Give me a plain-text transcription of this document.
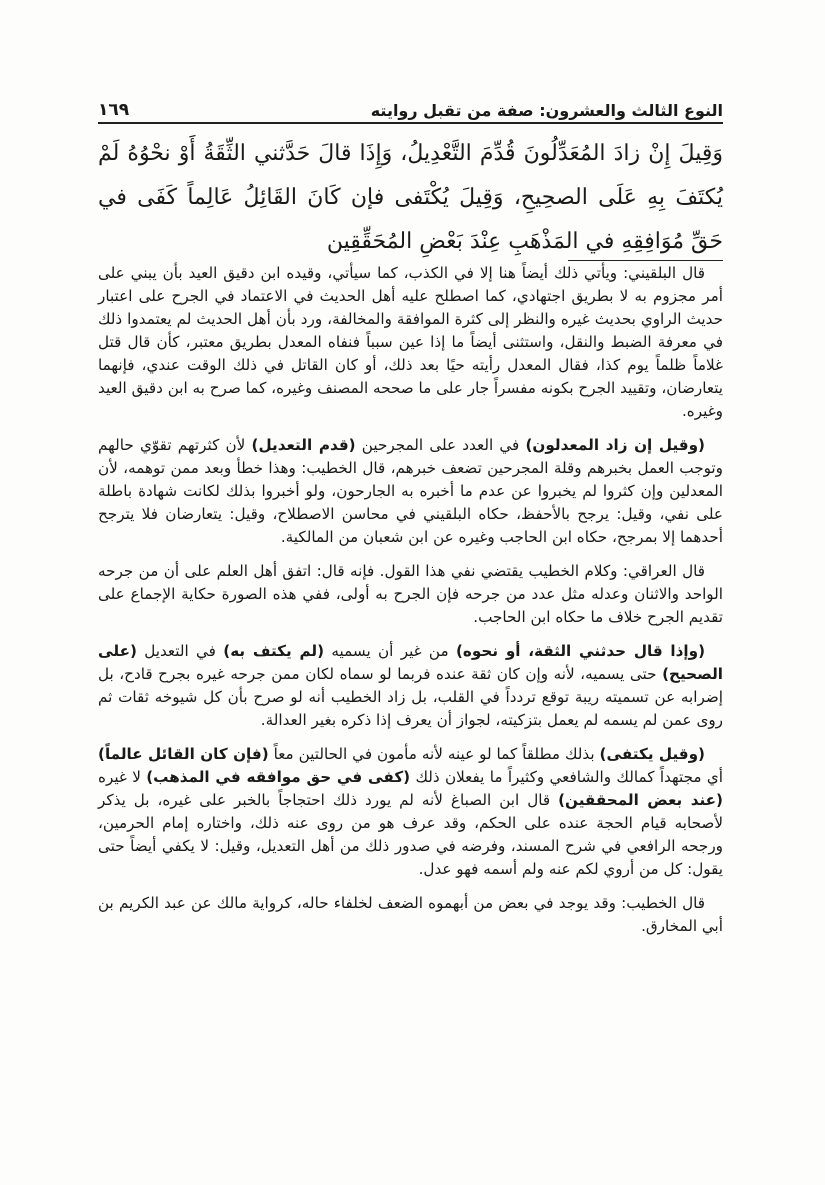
النوع الثالث والعشرون: صفة من تقبل روايته
١٦٩

وَقِيلَ إِنْ زادَ المُعَدِّلُونَ قُدِّمَ التَّعْدِيلُ، وَإِذَا قالَ حَدَّثني الثِّقَةُ أَوْ نحْوُهُ لَمْ يُكتَفَ بِهِ عَلَى الصحِيحِ، وَقِيلَ يُكْتَفى فإن كَانَ القَائِلُ عَالِماً كَفَى في حَقِّ مُوَافِقِهِ في المَذْهَبِ عِنْدَ بَعْضِ المُحَقِّقِين

قال البلقيني: ويأتي ذلك أيضاً هنا إلا في الكذب، كما سيأتي، وقيده ابن دقيق العيد بأن يبني على أمر مجزوم به لا بطريق اجتهادي، كما اصطلح عليه أهل الحديث في الاعتماد في الجرح على اعتبار حديث الراوي بحديث غيره والنظر إلى كثرة الموافقة والمخالفة، ورد بأن أهل الحديث لم يعتمدوا ذلك في معرفة الضبط والنقل، واستثنى أيضاً ما إذا عين سبباً فنفاه المعدل بطريق معتبر، كأن قال قتل غلاماً ظلماً يوم كذا، فقال المعدل رأيته حيًا بعد ذلك، أو كان القاتل في ذلك الوقت عندي، فإنهما يتعارضان، وتقييد الجرح بكونه مفسراً جار على ما صححه المصنف وغيره، كما صرح به ابن دقيق العيد وغيره.

(وقيل إن زاد المعدلون) في العدد على المجرحين (قدم التعديل) لأن كثرتهم تقوّي حالهم وتوجب العمل بخبرهم وقلة المجرحين تضعف خبرهم، قال الخطيب: وهذا خطأ وبعد ممن توهمه، لأن المعدلين وإن كثروا لم يخبروا عن عدم ما أخبره به الجارحون، ولو أخبروا بذلك لكانت شهادة باطلة على نفي، وقيل: يرجح بالأحفظ، حكاه البلقيني في محاسن الاصطلاح، وقيل: يتعارضان فلا يترجح أحدهما إلا بمرجح، حكاه ابن الحاجب وغيره عن ابن شعبان من المالكية.

قال العراقي: وكلام الخطيب يقتضي نفي هذا القول. فإنه قال: اتفق أهل العلم على أن من جرحه الواحد والاثنان وعدله مثل عدد من جرحه فإن الجرح به أولى، ففي هذه الصورة حكاية الإجماع على تقديم الجرح خلاف ما حكاه ابن الحاجب.

(وإذا قال حدثني الثقة، أو نحوه) من غير أن يسميه (لم يكتف به) في التعديل (على الصحيح) حتى يسميه، لأنه وإن كان ثقة عنده فربما لو سماه لكان ممن جرحه غيره بجرح قادح، بل إضرابه عن تسميته ريبة توقع تردداً في القلب، بل زاد الخطيب أنه لو صرح بأن كل شيوخه ثقات ثم روى عمن لم يسمه لم يعمل بتزكيته، لجواز أن يعرف إذا ذكره بغير العدالة.

(وقيل يكتفى) بذلك مطلقاً كما لو عينه لأنه مأمون في الحالتين معاً (فإن كان القائل عالماً) أي مجتهداً كمالك والشافعي وكثيراً ما يفعلان ذلك (كفى في حق موافقه في المذهب) لا غيره (عند بعض المحققين) قال ابن الصباغ لأنه لم يورد ذلك احتجاجاً بالخبر على غيره، بل يذكر لأصحابه قيام الحجة عنده على الحكم، وقد عرف هو من روى عنه ذلك، واختاره إمام الحرمين، ورجحه الرافعي في شرح المسند، وفرضه في صدور ذلك من أهل التعديل، وقيل: لا يكفي أيضاً حتى يقول: كل من أروي لكم عنه ولم أسمه فهو عدل.

قال الخطيب: وقد يوجد في بعض من أبهموه الضعف لخلفاء حاله، كرواية مالك عن عبد الكريم بن أبي المخارق.
